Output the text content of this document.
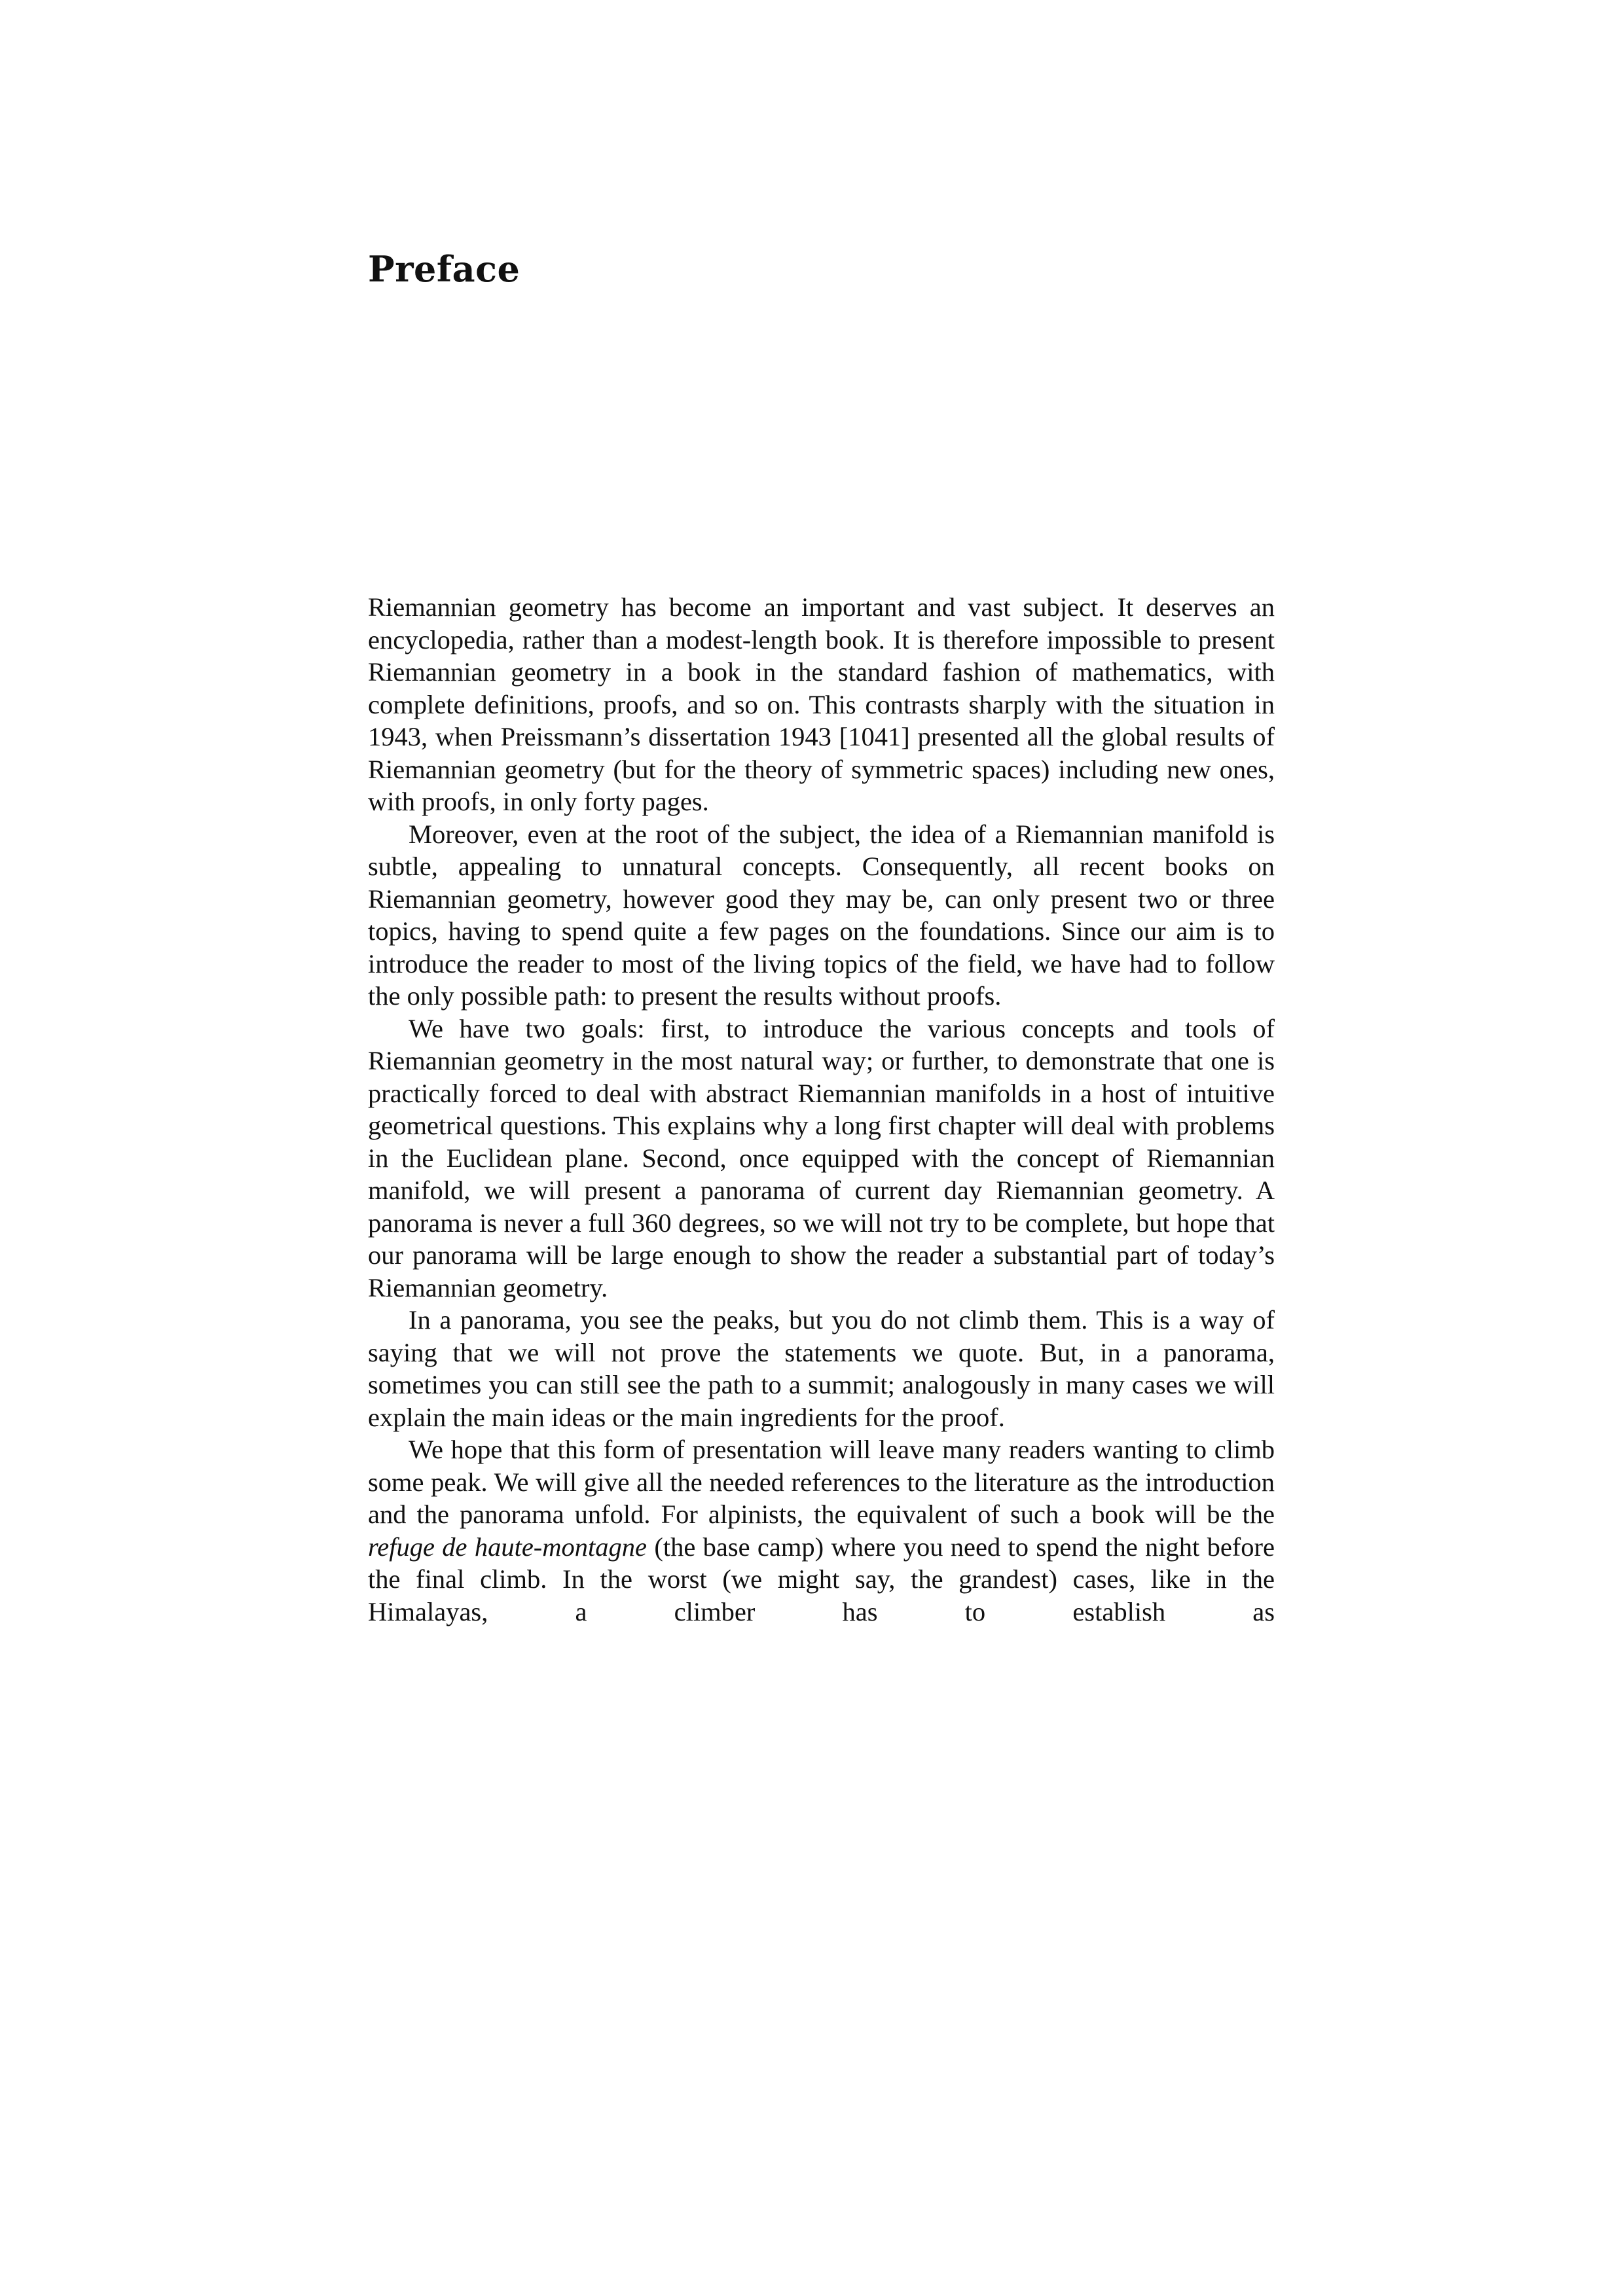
Preface

Riemannian geometry has become an important and vast subject. It deserves an encyclopedia, rather than a modest-length book. It is therefore impossible to present Riemannian geometry in a book in the standard fashion of mathematics, with complete definitions, proofs, and so on. This contrasts sharply with the situation in 1943, when Preissmann’s dissertation 1943 [1041] presented all the global results of Riemannian geometry (but for the theory of symmetric spaces) including new ones, with proofs, in only forty pages.

Moreover, even at the root of the subject, the idea of a Riemannian manifold is subtle, appealing to unnatural concepts. Consequently, all recent books on Riemannian geometry, however good they may be, can only present two or three topics, having to spend quite a few pages on the foundations. Since our aim is to introduce the reader to most of the living topics of the field, we have had to follow the only possible path: to present the results without proofs.

We have two goals: first, to introduce the various concepts and tools of Riemannian geometry in the most natural way; or further, to demonstrate that one is practically forced to deal with abstract Riemannian manifolds in a host of intuitive geometrical questions. This explains why a long first chapter will deal with problems in the Euclidean plane. Second, once equipped with the concept of Riemannian manifold, we will present a panorama of current day Riemannian geometry. A panorama is never a full 360 degrees, so we will not try to be complete, but hope that our panorama will be large enough to show the reader a substantial part of today’s Riemannian geometry.

In a panorama, you see the peaks, but you do not climb them. This is a way of saying that we will not prove the statements we quote. But, in a panorama, sometimes you can still see the path to a summit; analogously in many cases we will explain the main ideas or the main ingredients for the proof.

We hope that this form of presentation will leave many readers wanting to climb some peak. We will give all the needed references to the literature as the introduction and the panorama unfold. For alpinists, the equivalent of such a book will be the refuge de haute-montagne (the base camp) where you need to spend the night before the final climb. In the worst (we might say, the grandest) cases, like in the Himalayas, a climber has to establish as
